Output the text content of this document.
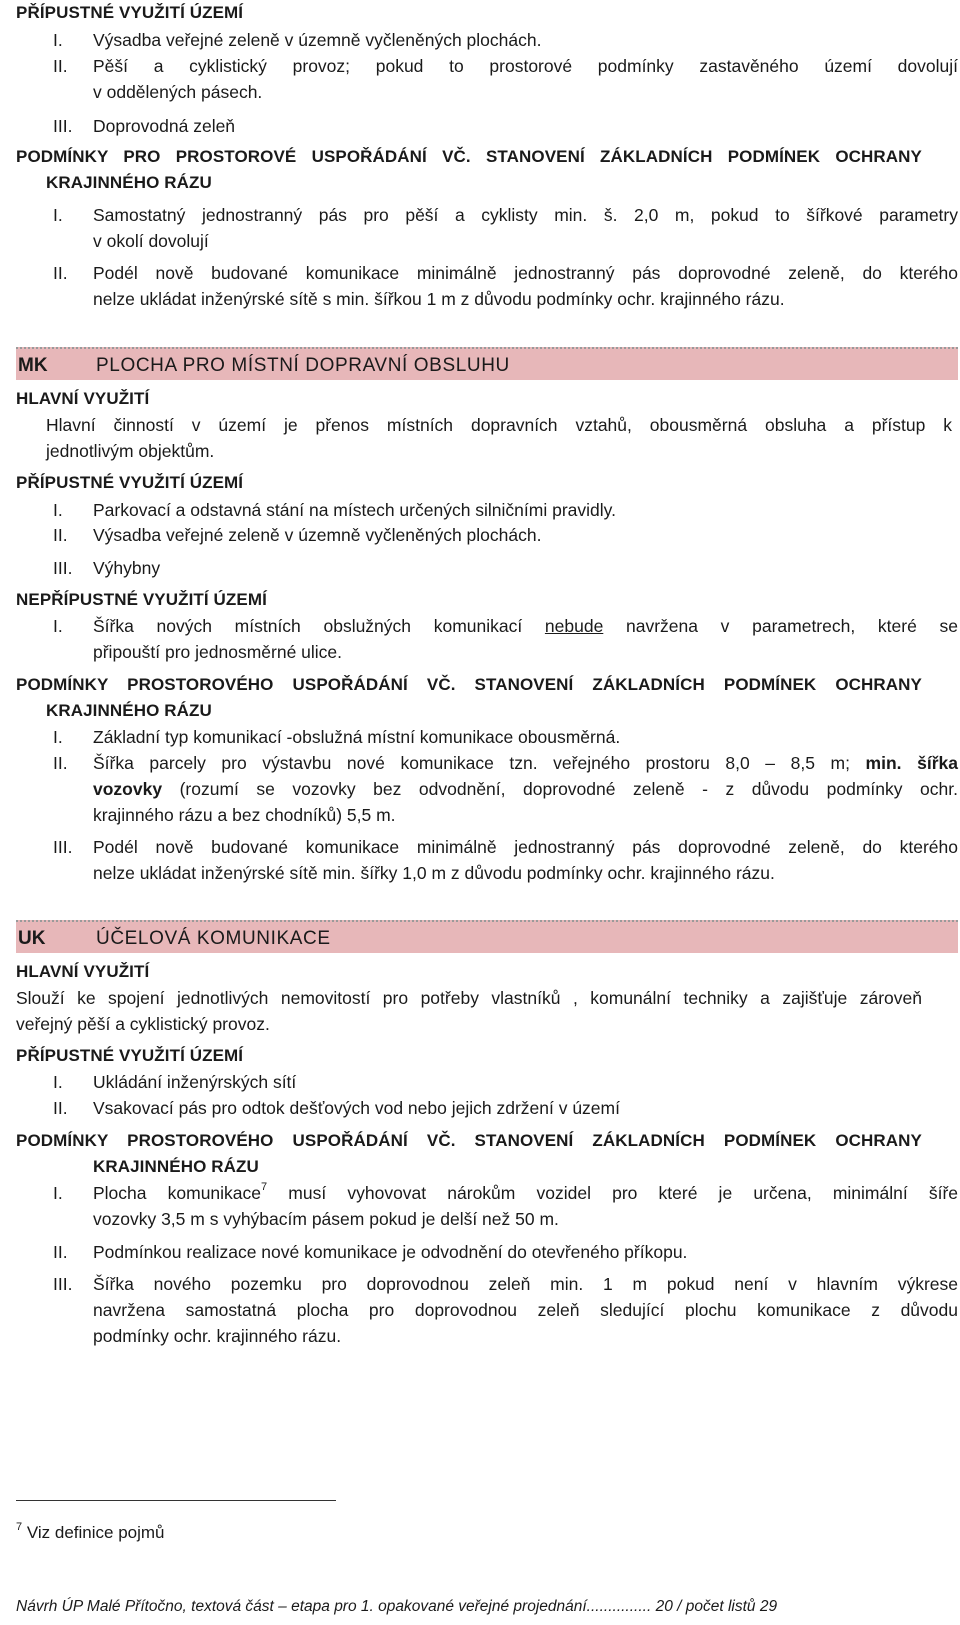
PŘÍPUSTNÉ VYUŽITÍ ÚZEMÍ
I. Výsadba veřejné zeleně v územně vyčleněných plochách.
II. Pěší a cyklistický provoz; pokud to prostorové podmínky zastavěného území dovolují
v oddělených pásech.
III. Doprovodná zeleň
PODMÍNKY PRO PROSTOROVÉ USPOŘÁDÁNÍ VČ. STANOVENÍ ZÁKLADNÍCH PODMÍNEK OCHRANY
KRAJINNÉHO RÁZU
I. Samostatný jednostranný pás pro pěší a cyklisty min. š. 2,0 m, pokud to šířkové parametry
v okolí dovolují
II. Podél nově budované komunikace minimálně jednostranný pás doprovodné zeleně, do kterého
nelze ukládat inženýrské sítě s min. šířkou 1 m z důvodu podmínky ochr. krajinného rázu.
MK	PLOCHA PRO MÍSTNÍ DOPRAVNÍ OBSLUHU
HLAVNÍ VYUŽITÍ
Hlavní činností v území je přenos místních dopravních vztahů, obousměrná obsluha a přístup k
jednotlivým objektům.
PŘÍPUSTNÉ VYUŽITÍ ÚZEMÍ
I. Parkovací a odstavná stání na místech určených silničními pravidly.
II. Výsadba veřejné zeleně v územně vyčleněných plochách.
III. Výhybny
NEPŘÍPUSTNÉ VYUŽITÍ ÚZEMÍ
I. Šířka nových místních obslužných komunikací nebude navržena v parametrech, které se
připouští pro jednosměrné ulice.
PODMÍNKY PROSTOROVÉHO USPOŘÁDÁNÍ VČ. STANOVENÍ ZÁKLADNÍCH PODMÍNEK OCHRANY
KRAJINNÉHO RÁZU
I. Základní typ komunikací -obslužná místní komunikace obousměrná.
II. Šířka parcely pro výstavbu nové komunikace tzn. veřejného prostoru 8,0 – 8,5 m; min. šířka
vozovky (rozumí se vozovky bez odvodnění, doprovodné zeleně - z důvodu podmínky ochr.
krajinného rázu a bez chodníků) 5,5 m.
III. Podél nově budované komunikace minimálně jednostranný pás doprovodné zeleně, do kterého
nelze ukládat inženýrské sítě min. šířky 1,0 m z důvodu podmínky ochr. krajinného rázu.
UK	ÚČELOVÁ KOMUNIKACE
HLAVNÍ VYUŽITÍ
Slouží ke spojení jednotlivých nemovitostí pro potřeby vlastníků , komunální techniky a zajišťuje zároveň
veřejný pěší a cyklistický provoz.
PŘÍPUSTNÉ VYUŽITÍ ÚZEMÍ
I. Ukládání inženýrských sítí
II. Vsakovací pás pro odtok dešťových vod nebo jejich zdržení v území
PODMÍNKY PROSTOROVÉHO USPOŘÁDÁNÍ VČ. STANOVENÍ ZÁKLADNÍCH PODMÍNEK OCHRANY
KRAJINNÉHO RÁZU
I. Plocha komunikace$^7$ musí vyhovovat nárokům vozidel pro které je určena, minimální šíře
vozovky 3,5 m s vyhýbacím pásem pokud je delší než 50 m.
II. Podmínkou realizace nové komunikace je odvodnění do otevřeného příkopu.
III. Šířka nového pozemku pro doprovodnou zeleň min. 1 m pokud není v hlavním výkrese
navržena samostatná plocha pro doprovodnou zeleň sledující plochu komunikace z důvodu
podmínky ochr. krajinného rázu.
$^7$ Viz definice pojmů
Návrh ÚP Malé Přítočno, textová část – etapa pro 1. opakované veřejné projednání............... 20 / počet listů 29
